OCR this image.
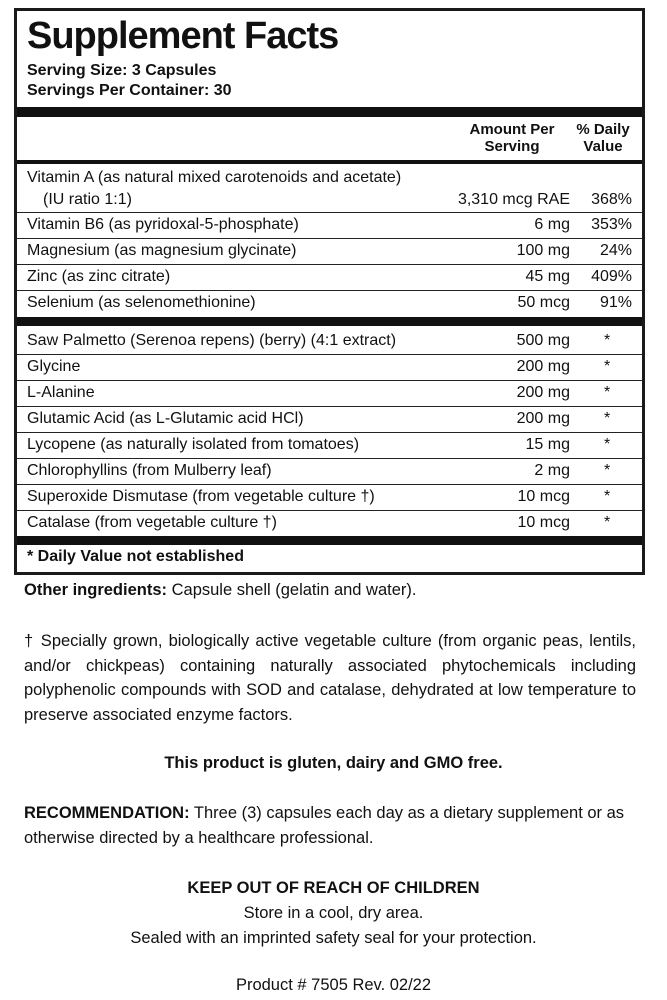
Supplement Facts
Serving Size: 3 Capsules
Servings Per Container: 30
Amount Per
Serving
% Daily
Value
Vitamin A (as natural mixed carotenoids and acetate)
(IU ratio 1:1)	3,310 mcg RAE 368%
Vitamin B6 (as pyridoxal-5-phosphate)	6 mg 353%
Magnesium (as magnesium glycinate)	100 mg 24%
Zinc (as zinc citrate)	45 mg 409%
Selenium (as selenomethionine)	50 mcg 91%
Saw Palmetto (Serenoa repens) (berry) (4:1 extract)	500 mg *
Glycine	200 mg *
L-Alanine	200 mg *
Glutamic Acid (as L-Glutamic acid HCl)	200 mg *
Lycopene (as naturally isolated from tomatoes)	15 mg *
Chlorophyllins (from Mulberry leaf)	2 mg *
Superoxide Dismutase (from vegetable culture †)	10 mcg *
Catalase (from vegetable culture †)	10 mcg *
* Daily Value not established

Other ingredients: Capsule shell (gelatin and water).

† Specially grown, biologically active vegetable culture (from organic peas, lentils, and/or chickpeas) containing naturally associated phytochemicals including polyphenolic compounds with SOD and catalase, dehydrated at low temperature to preserve associated enzyme factors.

This product is gluten, dairy and GMO free.

RECOMMENDATION: Three (3) capsules each day as a dietary supplement or as otherwise directed by a healthcare professional.

KEEP OUT OF REACH OF CHILDREN
Store in a cool, dry area.
Sealed with an imprinted safety seal for your protection.
Product # 7505 Rev. 02/22
